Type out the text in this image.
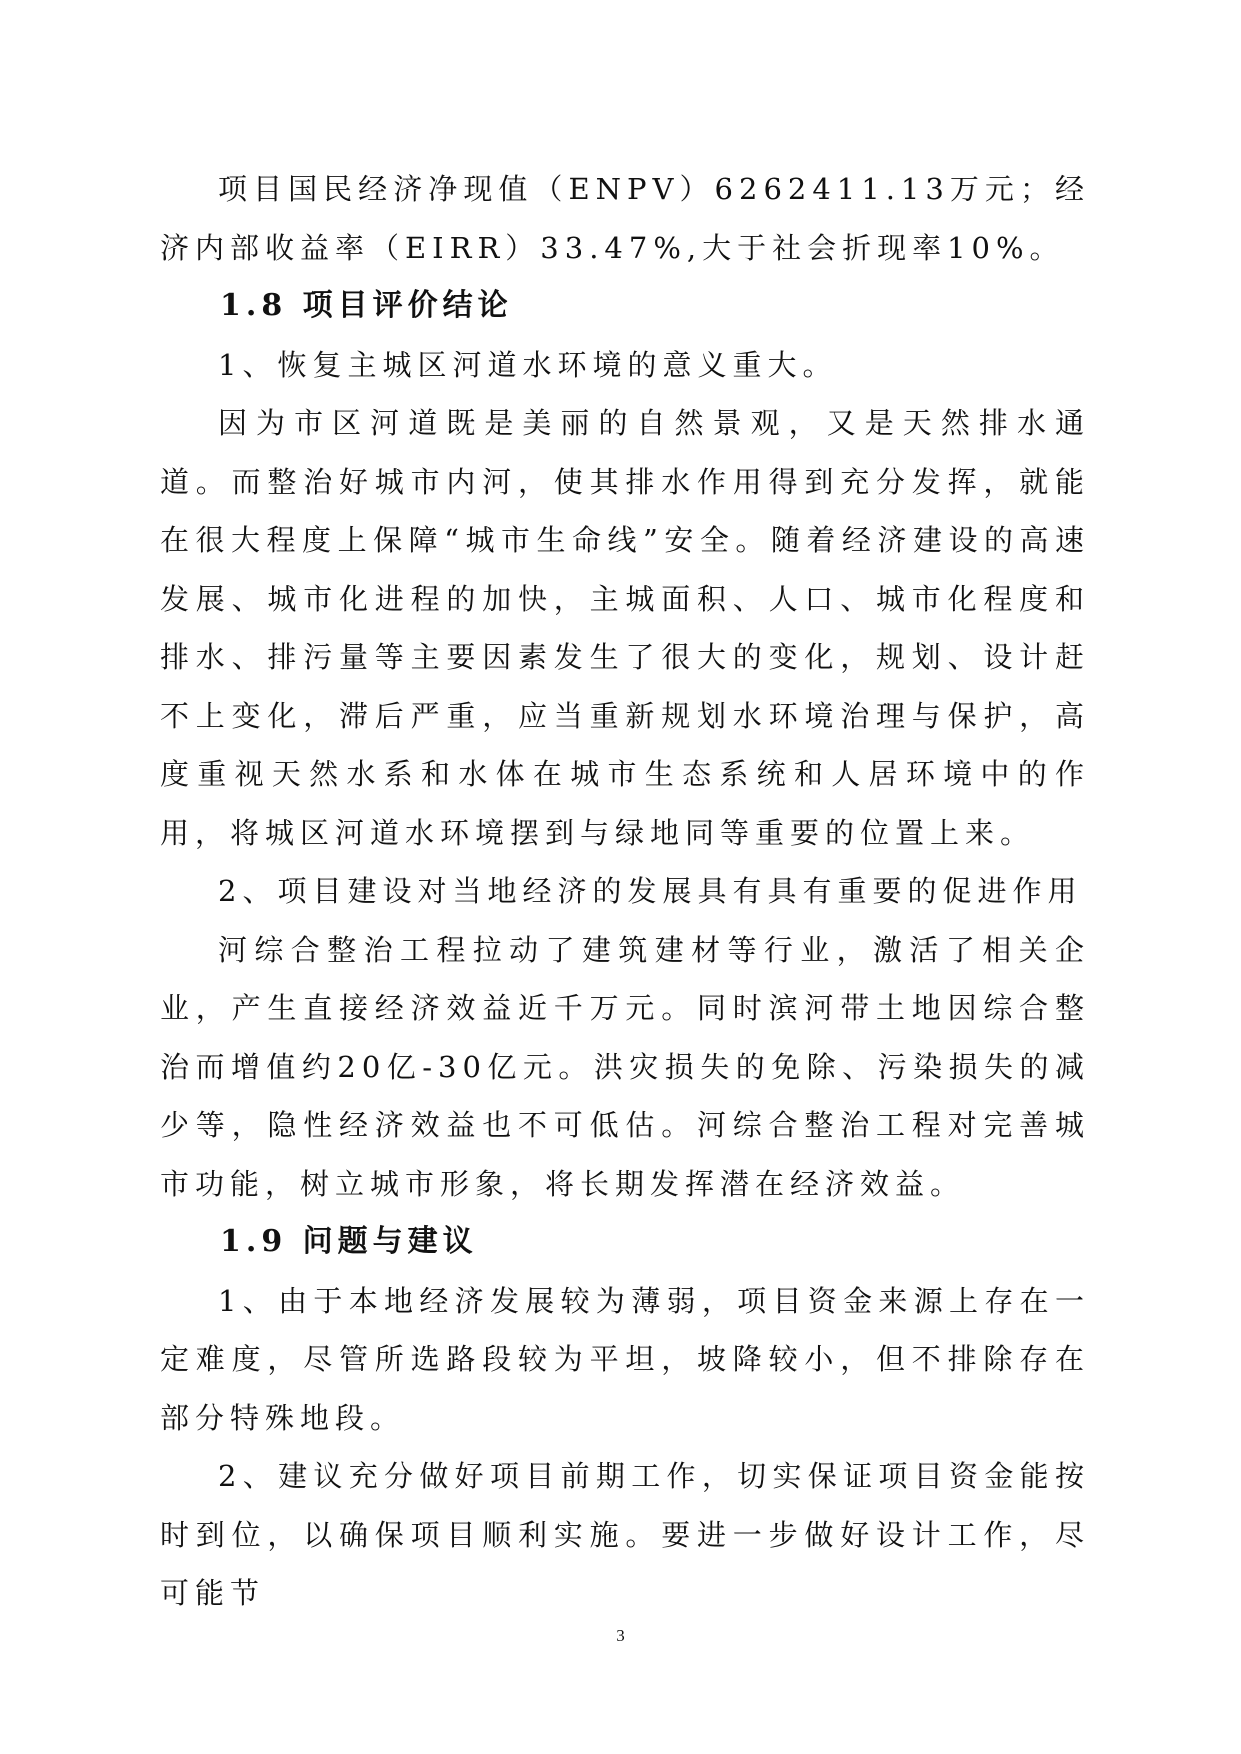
项目国民经济净现值（ENPV）6262411.13万元；经济内部收益率（EIRR）33.47%,大于社会折现率10%。

1.8 项目评价结论

1、恢复主城区河道水环境的意义重大。

因为市区河道既是美丽的自然景观，又是天然排水通道。而整治好城市内河，使其排水作用得到充分发挥，就能在很大程度上保障“城市生命线”安全。随着经济建设的高速发展、城市化进程的加快，主城面积、人口、城市化程度和排水、排污量等主要因素发生了很大的变化，规划、设计赶不上变化，滞后严重，应当重新规划水环境治理与保护，高度重视天然水系和水体在城市生态系统和人居环境中的作用，将城区河道水环境摆到与绿地同等重要的位置上来。

2、项目建设对当地经济的发展具有具有重要的促进作用

河综合整治工程拉动了建筑建材等行业，激活了相关企业，产生直接经济效益近千万元。同时滨河带土地因综合整治而增值约20亿-30亿元。洪灾损失的免除、污染损失的减少等，隐性经济效益也不可低估。河综合整治工程对完善城市功能，树立城市形象，将长期发挥潜在经济效益。

1.9 问题与建议

1、由于本地经济发展较为薄弱，项目资金来源上存在一定难度，尽管所选路段较为平坦，坡降较小，但不排除存在部分特殊地段。

2、建议充分做好项目前期工作，切实保证项目资金能按时到位，以确保项目顺利实施。要进一步做好设计工作，尽可能节

3
